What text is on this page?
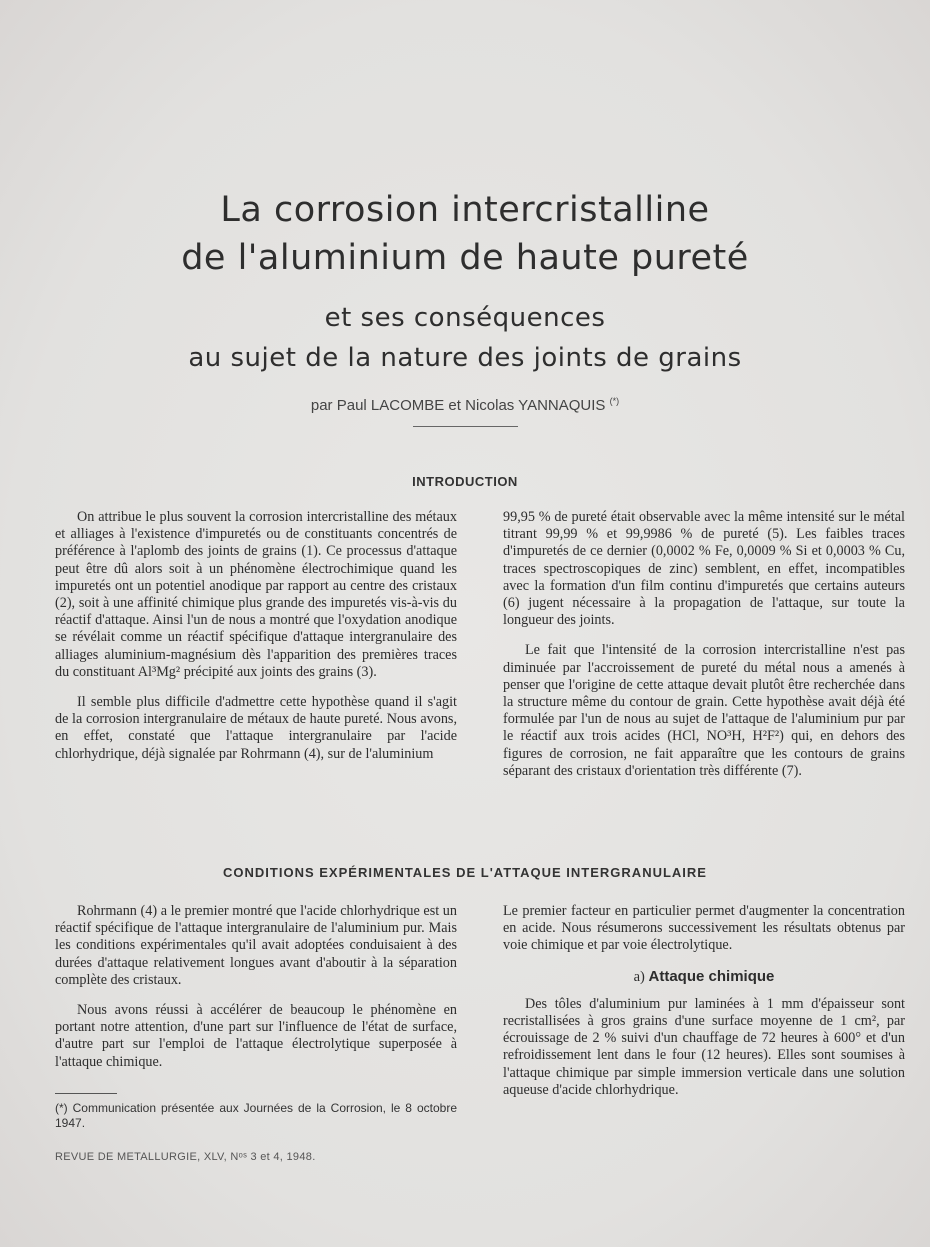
La corrosion intercristalline
de l'aluminium de haute pureté
et ses conséquences
au sujet de la nature des joints de grains
par Paul LACOMBE et Nicolas YANNAQUIS (*)
INTRODUCTION

On attribue le plus souvent la corrosion intercristalline des métaux et alliages à l'existence d'impuretés ou de constituants concentrés de préférence à l'aplomb des joints de grains (1). Ce processus d'attaque peut être dû alors soit à un phénomène électrochimique quand les impuretés ont un potentiel anodique par rapport au centre des cristaux (2), soit à une affinité chimique plus grande des impuretés vis-à-vis du réactif d'attaque. Ainsi l'un de nous a montré que l'oxydation anodique se révélait comme un réactif spécifique d'attaque intergranulaire des alliages aluminium-magnésium dès l'apparition des premières traces du constituant Al³Mg² précipité aux joints des grains (3).

Il semble plus difficile d'admettre cette hypothèse quand il s'agit de la corrosion intergranulaire de métaux de haute pureté. Nous avons, en effet, constaté que l'attaque intergranulaire par l'acide chlorhydrique, déjà signalée par Rohrmann (4), sur de l'aluminium

99,95 % de pureté était observable avec la même intensité sur le métal titrant 99,99 % et 99,9986 % de pureté (5). Les faibles traces d'impuretés de ce dernier (0,0002 % Fe, 0,0009 % Si et 0,0003 % Cu, traces spectroscopiques de zinc) semblent, en effet, incompatibles avec la formation d'un film continu d'impuretés que certains auteurs (6) jugent nécessaire à la propagation de l'attaque, sur toute la longueur des joints.

Le fait que l'intensité de la corrosion intercristalline n'est pas diminuée par l'accroissement de pureté du métal nous a amenés à penser que l'origine de cette attaque devait plutôt être recherchée dans la structure même du contour de grain. Cette hypothèse avait déjà été formulée par l'un de nous au sujet de l'attaque de l'aluminium pur par le réactif aux trois acides (HCl, NO³H, H²F²) qui, en dehors des figures de corrosion, ne fait apparaître que les contours de grains séparant des cristaux d'orientation très différente (7).

CONDITIONS EXPÉRIMENTALES DE L'ATTAQUE INTERGRANULAIRE

Rohrmann (4) a le premier montré que l'acide chlorhydrique est un réactif spécifique de l'attaque intergranulaire de l'aluminium pur. Mais les conditions expérimentales qu'il avait adoptées conduisaient à des durées d'attaque relativement longues avant d'aboutir à la séparation complète des cristaux.

Nous avons réussi à accélérer de beaucoup le phénomène en portant notre attention, d'une part sur l'influence de l'état de surface, d'autre part sur l'emploi de l'attaque électrolytique superposée à l'attaque chimique.

Le premier facteur en particulier permet d'augmenter la concentration en acide. Nous résumerons successivement les résultats obtenus par voie chimique et par voie électrolytique.

a) Attaque chimique

Des tôles d'aluminium pur laminées à 1 mm d'épaisseur sont recristallisées à gros grains d'une surface moyenne de 1 cm², par écrouissage de 2 % suivi d'un chauffage de 72 heures à 600° et d'un refroidissement lent dans le four (12 heures). Elles sont soumises à l'attaque chimique par simple immersion verticale dans une solution aqueuse d'acide chlorhydrique.

(*) Communication présentée aux Journées de la Corrosion, le 8 octobre 1947.
REVUE DE METALLURGIE, XLV, Nᵒˢ 3 et 4, 1948.
